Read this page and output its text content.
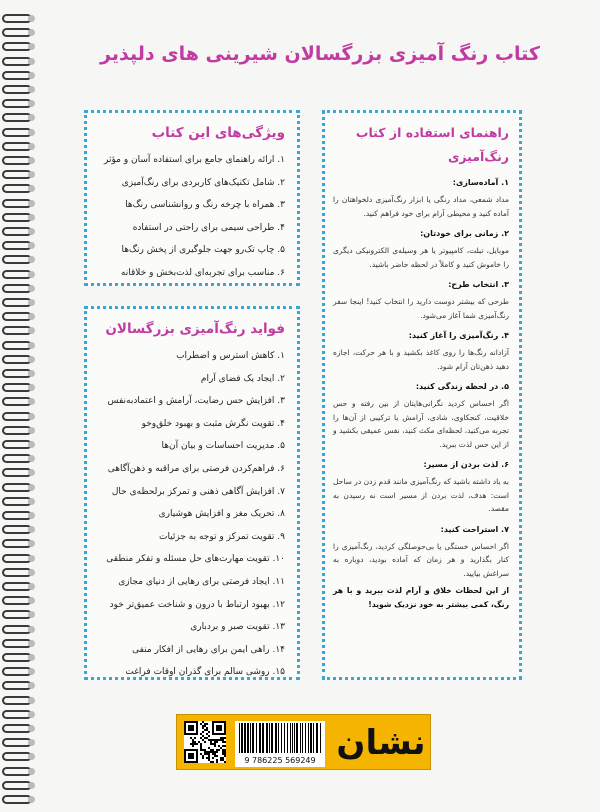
کتاب رنگ آمیزی بزرگسالان شیرینی های دلپذیر
ویژگی‌های این کتاب
۱. ارائه راهنمای جامع برای استفاده آسان و مؤثر
۲. شامل تکنیک‌های کاربردی برای رنگ‌آمیزی
۳. همراه با چرخه رنگ و روانشناسی رنگ‌ها
۴. طراحی سیمی برای راحتی در استفاده
۵. چاپ تک‌رو جهت جلوگیری از پخش رنگ‌ها
۶. مناسب برای تجربه‌ای لذت‌بخش و خلاقانه
فواید رنگ‌آمیزی بزرگسالان
۱. کاهش استرس و اضطراب
۲. ایجاد یک فضای آرام
۳. افزایش حس رضایت، آرامش و اعتمادبه‌نفس
۴. تقویت نگرش مثبت و بهبود خلق‌وخو
۵. مدیریت احساسات و بیان آن‌ها
۶. فراهم‌کردن فرصتی برای مراقبه و ذهن‌آگاهی
۷. افزایش آگاهی ذهنی و تمرکز برلحظه‌ی حال
۸. تحریک مغز و افزایش هوشیاری
۹. تقویت تمرکز و توجه به جزئیات
۱۰. تقویت مهارت‌های حل مسئله و تفکر منطقی
۱۱. ایجاد فرصتی برای رهایی از دنیای مجازی
۱۲. بهبود ارتباط با درون و شناخت عمیق‌تر خود
۱۳. تقویت صبر و بردباری
۱۴. راهی ایمن برای رهایی از افکار منفی
۱۵. روشی سالم برای گذران اوقات فراغت
راهنمای استفاده از کتاب رنگ‌آمیزی
۱. آماده‌سازی:
مداد شمعی، مداد رنگی یا ابزار رنگ‌آمیزی دلخواهتان را آماده کنید و محیطی آرام برای خود فراهم کنید.
۲. زمانی برای خودتان:
موبایل، تبلت، کامپیوتر یا هر وسیله‌ی الکترونیکی دیگری را خاموش کنید و کاملاً در لحظه حاضر باشید.
۳. انتخاب طرح:
طرحی که بیشتر دوست دارید را انتخاب کنید! اینجا سفر رنگ‌آمیزی شما آغاز می‌شود.
۴. رنگ‌آمیزی را آغاز کنید:
آزادانه رنگ‌ها را روی کاغذ بکشید و با هر حرکت، اجازه دهید ذهن‌تان آرام شود.
۵. در لحظه زندگی کنید:
اگر احساس کردید نگرانی‌هایتان از بین رفته و حس خلاقیت، کنجکاوی، شادی، آرامش یا ترکیبی از آن‌ها را تجربه می‌کنید، لحظه‌ای مکث کنید، نفس عمیقی بکشید و از این حس لذت ببرید.
۶. لذت بردن از مسیر:
به یاد داشته باشید که رنگ‌آمیزی مانند قدم زدن در ساحل است: هدف، لذت بردن از مسیر است نه رسیدن به مقصد.
۷. استراحت کنید:
اگر احساس خستگی یا بی‌حوصلگی کردید، رنگ‌آمیزی را کنار بگذارید و هر زمان که آماده بودید، دوباره به سراغش بیایید.
از این لحظات خلاق و آرام لذت ببرید و با هر رنگ، کمی بیشتر به خود نزدیک شوید!
9 786225 569249 نشان
